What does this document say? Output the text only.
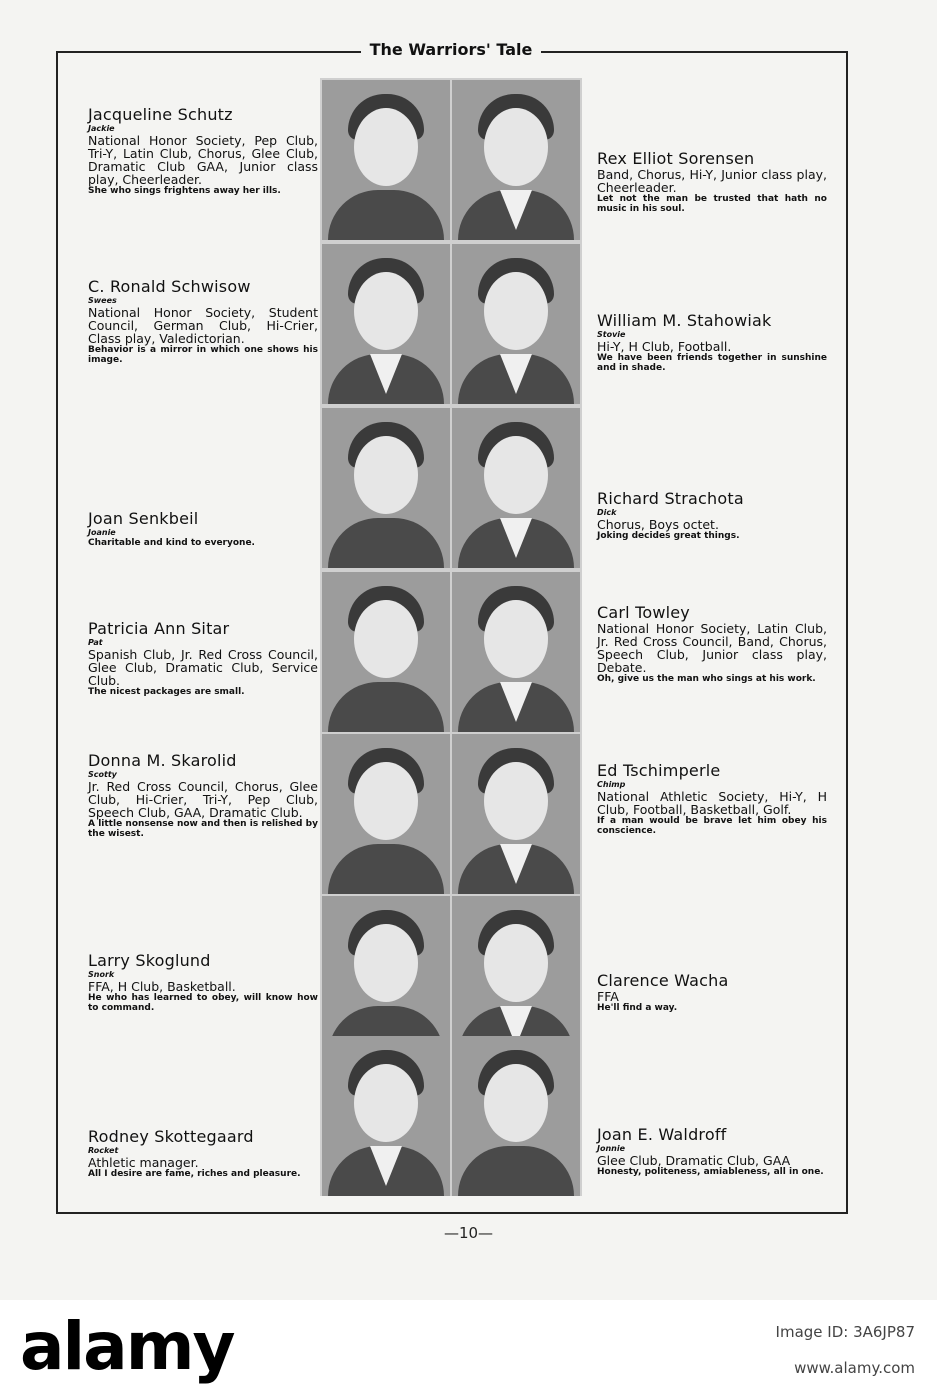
The Warriors' Tale
Jacqueline Schutz
Jackie
National Honor Society, Pep Club, Tri-Y, Latin Club, Chorus, Glee Club, Dramatic Club GAA, Junior class play, Cheerleader.
She who sings frightens away her ills.
C. Ronald Schwisow
Swees
National Honor Society, Student Council, German Club, Hi-Crier, Class play, Valedictorian.
Behavior is a mirror in which one shows his image.
Joan Senkbeil
Joanie
Charitable and kind to everyone.
Patricia Ann Sitar
Pat
Spanish Club, Jr. Red Cross Council, Glee Club, Dramatic Club, Service Club.
The nicest packages are small.
Donna M. Skarolid
Scotty
Jr. Red Cross Council, Chorus, Glee Club, Hi-Crier, Tri-Y, Pep Club, Speech Club, GAA, Dramatic Club.
A little nonsense now and then is relished by the wisest.
Larry Skoglund
Snork
FFA, H Club, Basketball.
He who has learned to obey, will know how to command.
Rodney Skottegaard
Rocket
Athletic manager.
All I desire are fame, riches and pleasure.
Rex Elliot Sorensen
Band, Chorus, Hi-Y, Junior class play, Cheerleader.
Let not the man be trusted that hath no music in his soul.
William M. Stahowiak
Stovie
Hi-Y, H Club, Football.
We have been friends together in sunshine and in shade.
Richard Strachota
Dick
Chorus, Boys octet.
Joking decides great things.
Carl Towley
National Honor Society, Latin Club, Jr. Red Cross Council, Band, Chorus, Speech Club, Junior class play, Debate.
Oh, give us the man who sings at his work.
Ed Tschimperle
Chimp
National Athletic Society, Hi-Y, H Club, Football, Basketball, Golf.
If a man would be brave let him obey his conscience.
Clarence Wacha
FFA
He'll find a way.
Joan E. Waldroff
Jonnie
Glee Club, Dramatic Club, GAA
Honesty, politeness, amiableness, all in one.
—10—
alamy	Image ID: 3A6JP87
www.alamy.com
